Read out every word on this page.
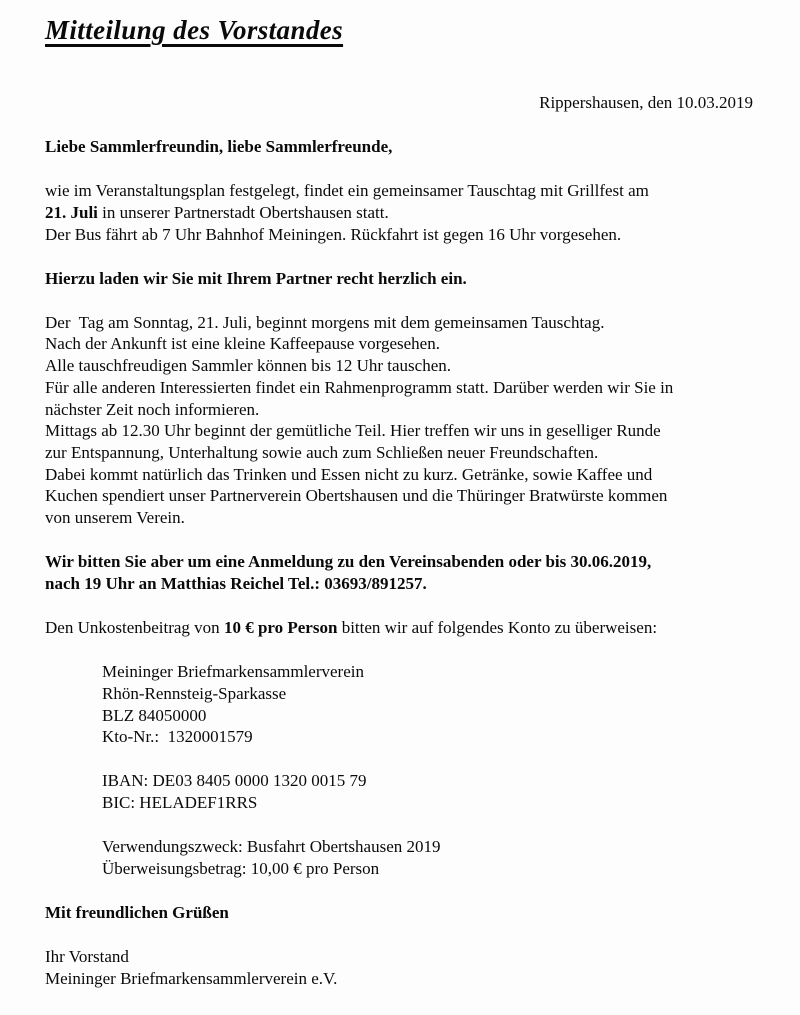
Mitteilung des Vorstandes
Rippershausen, den 10.03.2019
Liebe Sammlerfreundin, liebe Sammlerfreunde,
wie im Veranstaltungsplan festgelegt, findet ein gemeinsamer Tauschtag mit Grillfest am
21. Juli in unserer Partnerstadt Obertshausen statt.
Der Bus fährt ab 7 Uhr Bahnhof Meiningen. Rückfahrt ist gegen 16 Uhr vorgesehen.
Hierzu laden wir Sie mit Ihrem Partner recht herzlich ein.
Der  Tag am Sonntag, 21. Juli, beginnt morgens mit dem gemeinsamen Tauschtag.
Nach der Ankunft ist eine kleine Kaffeepause vorgesehen.
Alle tauschfreudigen Sammler können bis 12 Uhr tauschen.
Für alle anderen Interessierten findet ein Rahmenprogramm statt. Darüber werden wir Sie in
nächster Zeit noch informieren.
Mittags ab 12.30 Uhr beginnt der gemütliche Teil. Hier treffen wir uns in geselliger Runde
zur Entspannung, Unterhaltung sowie auch zum Schließen neuer Freundschaften.
Dabei kommt natürlich das Trinken und Essen nicht zu kurz. Getränke, sowie Kaffee und
Kuchen spendiert unser Partnerverein Obertshausen und die Thüringer Bratwürste kommen
von unserem Verein.
Wir bitten Sie aber um eine Anmeldung zu den Vereinsabenden oder bis 30.06.2019,
nach 19 Uhr an Matthias Reichel Tel.: 03693/891257.
Den Unkostenbeitrag von 10 € pro Person bitten wir auf folgendes Konto zu überweisen:
Meininger Briefmarkensammlerverein
Rhön-Rennsteig-Sparkasse
BLZ 84050000
Kto-Nr.:  1320001579
IBAN: DE03 8405 0000 1320 0015 79
BIC: HELADEF1RRS
Verwendungszweck: Busfahrt Obertshausen 2019
Überweisungsbetrag: 10,00 € pro Person
Mit freundlichen Grüßen
Ihr Vorstand
Meininger Briefmarkensammlerverein e.V.
